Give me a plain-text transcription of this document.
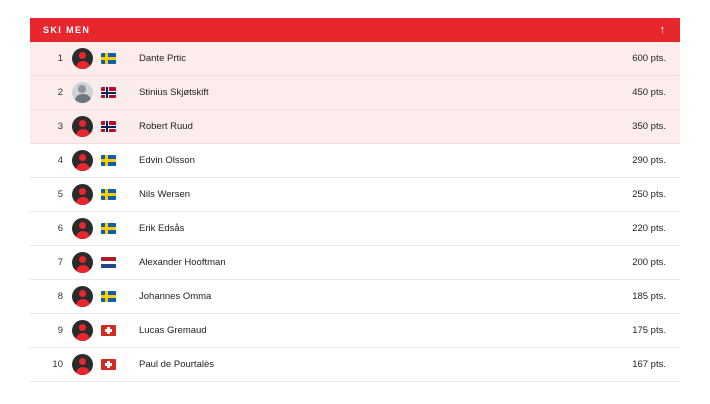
SKI MEN	↑
1	Dante Prtic	600 pts.
2	Stinius Skjøtskift	450 pts.
3	Robert Ruud	350 pts.
4	Edvin Olsson	290 pts.
5	Nils Wersen	250 pts.
6	Erik Edsås	220 pts.
7	Alexander Hooftman	200 pts.
8	Johannes Omma	185 pts.
9	Lucas Gremaud	175 pts.
10	Paul de Pourtalès	167 pts.
